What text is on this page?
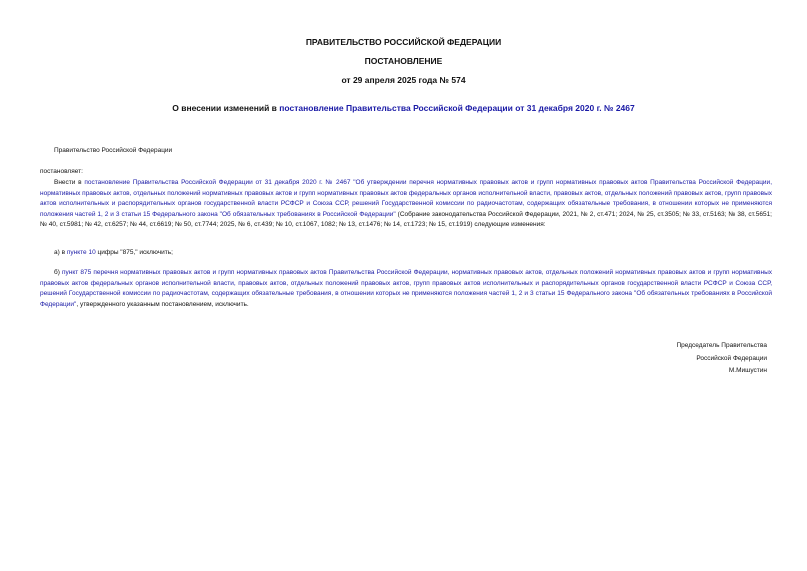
ПРАВИТЕЛЬСТВО РОССИЙСКОЙ ФЕДЕРАЦИИ
ПОСТАНОВЛЕНИЕ
от 29 апреля 2025 года № 574
О внесении изменений в постановление Правительства Российской Федерации от 31 декабря 2020 г. № 2467
Правительство Российской Федерации
постановляет:
Внести в постановление Правительства Российской Федерации от 31 декабря 2020 г. № 2467 "Об утверждении перечня нормативных правовых актов и групп нормативных правовых актов Правительства Российской Федерации, нормативных правовых актов, отдельных положений нормативных правовых актов и групп нормативных правовых актов федеральных органов исполнительной власти, правовых актов, отдельных положений правовых актов, групп правовых актов исполнительных и распорядительных органов государственной власти РСФСР и Союза ССР, решений Государственной комиссии по радиочастотам, содержащих обязательные требования, в отношении которых не применяются положения частей 1, 2 и 3 статьи 15 Федерального закона "Об обязательных требованиях в Российской Федерации" (Собрание законодательства Российской Федерации, 2021, № 2, ст.471; 2024, № 25, ст.3505; № 33, ст.5163; № 38, ст.5651; № 40, ст.5981; № 42, ст.6257; № 44, ст.6619; № 50, ст.7744; 2025, № 6, ст.439; № 10, ст.1067, 1082; № 13, ст.1476; № 14, ст.1723; № 15, ст.1919) следующие изменения:
а) в пункте 10 цифры "875," исключить;
б) пункт 875 перечня нормативных правовых актов и групп нормативных правовых актов Правительства Российской Федерации, нормативных правовых актов, отдельных положений нормативных правовых актов и групп нормативных правовых актов федеральных органов исполнительной власти, правовых актов, отдельных положений правовых актов, групп правовых актов исполнительных и распорядительных органов государственной власти РСФСР и Союза ССР, решений Государственной комиссии по радиочастотам, содержащих обязательные требования, в отношении которых не применяются положения частей 1, 2 и 3 статьи 15 Федерального закона "Об обязательных требованиях в Российской Федерации", утвержденного указанным постановлением, исключить.
Председатель Правительства
Российской Федерации
М.Мишустин
